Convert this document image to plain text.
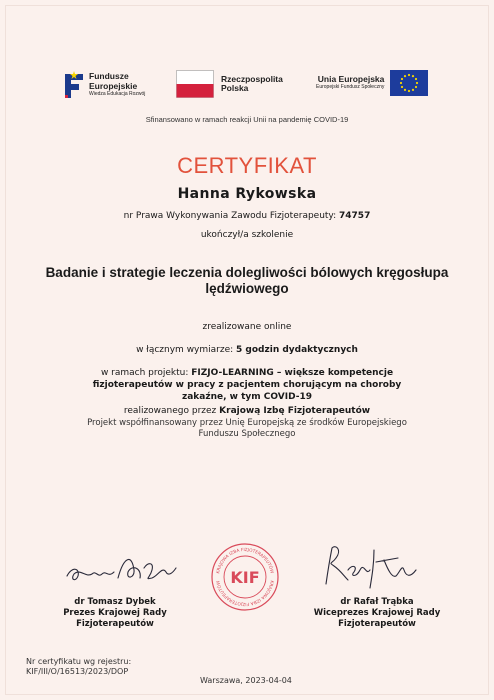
Fundusze
Europejskie
Wiedza Edukacja Rozwój
Rzeczpospolita
Polska
Unia Europejska
Europejski Fundusz Społeczny
Sfinansowano w ramach reakcji Unii na pandemię COVID-19
CERTYFIKAT
Hanna Rykowska
nr Prawa Wykonywania Zawodu Fizjoterapeuty: 74757
ukończył/a szkolenie
Badanie i strategie leczenia dolegliwości bólowych kręgosłupa lędźwiowego
zrealizowane online
w łącznym wymiarze: 5 godzin dydaktycznych
w ramach projektu: FIZJO-LEARNING – większe kompetencje fizjoterapeutów w pracy z pacjentem chorującym na choroby zakaźne, w tym COVID-19
realizowanego przez Krajową Izbę Fizjoterapeutów
Projekt współfinansowany przez Unię Europejską ze środków Europejskiego Funduszu Społecznego
KRAJOWA IZBA FIZJOTERAPEUTÓW
KRAJOWA IZBA FIZJOTERAPEUTÓW KIF
dr Tomasz Dybek
Prezes Krajowej Rady
Fizjoterapeutów
dr Rafał Trąbka
Wiceprezes Krajowej Rady
Fizjoterapeutów
Nr certyfikatu wg rejestru:
KIF/III/O/16513/2023/DOP
Warszawa, 2023-04-04
